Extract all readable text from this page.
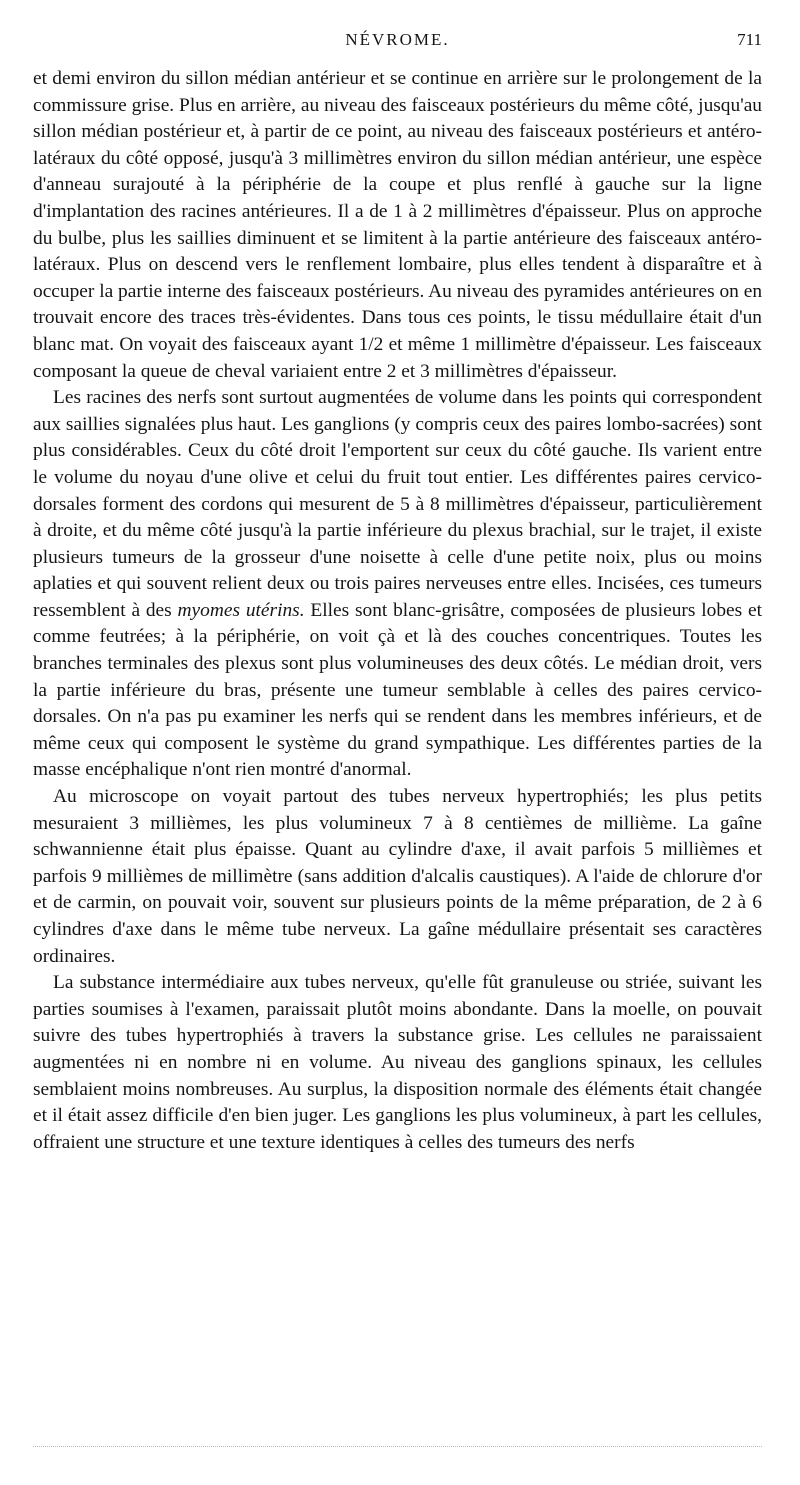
NÉVROME.	711

et demi environ du sillon médian antérieur et se continue en arrière sur le prolongement de la commissure grise. Plus en arrière, au niveau des faisceaux postérieurs du même côté, jusqu'au sillon médian postérieur et, à partir de ce point, au niveau des faisceaux postérieurs et antéro-latéraux du côté opposé, jusqu'à 3 millimètres environ du sillon médian antérieur, une espèce d'anneau surajouté à la périphérie de la coupe et plus renflé à gauche sur la ligne d'implantation des racines antérieures. Il a de 1 à 2 millimètres d'épaisseur. Plus on approche du bulbe, plus les saillies diminuent et se limitent à la partie antérieure des faisceaux antéro-latéraux. Plus on descend vers le renflement lombaire, plus elles tendent à disparaître et à occuper la partie interne des faisceaux postérieurs. Au niveau des pyramides antérieures on en trouvait encore des traces très-évidentes. Dans tous ces points, le tissu médullaire était d'un blanc mat. On voyait des faisceaux ayant 1/2 et même 1 millimètre d'épaisseur. Les faisceaux composant la queue de cheval variaient entre 2 et 3 millimètres d'épaisseur.

Les racines des nerfs sont surtout augmentées de volume dans les points qui correspondent aux saillies signalées plus haut. Les ganglions (y compris ceux des paires lombo-sacrées) sont plus considérables. Ceux du côté droit l'emportent sur ceux du côté gauche. Ils varient entre le volume du noyau d'une olive et celui du fruit tout entier. Les différentes paires cervico-dorsales forment des cordons qui mesurent de 5 à 8 millimètres d'épaisseur, particulièrement à droite, et du même côté jusqu'à la partie inférieure du plexus brachial, sur le trajet, il existe plusieurs tumeurs de la grosseur d'une noisette à celle d'une petite noix, plus ou moins aplaties et qui souvent relient deux ou trois paires nerveuses entre elles. Incisées, ces tumeurs ressemblent à des myomes utérins. Elles sont blanc-grisâtre, composées de plusieurs lobes et comme feutrées; à la périphérie, on voit çà et là des couches concentriques. Toutes les branches terminales des plexus sont plus volumineuses des deux côtés. Le médian droit, vers la partie inférieure du bras, présente une tumeur semblable à celles des paires cervico-dorsales. On n'a pas pu examiner les nerfs qui se rendent dans les membres inférieurs, et de même ceux qui composent le système du grand sympathique. Les différentes parties de la masse encéphalique n'ont rien montré d'anormal.

Au microscope on voyait partout des tubes nerveux hypertrophiés; les plus petits mesuraient 3 millièmes, les plus volumineux 7 à 8 centièmes de millième. La gaîne schwannienne était plus épaisse. Quant au cylindre d'axe, il avait parfois 5 millièmes et parfois 9 millièmes de millimètre (sans addition d'alcalis caustiques). A l'aide de chlorure d'or et de carmin, on pouvait voir, souvent sur plusieurs points de la même préparation, de 2 à 6 cylindres d'axe dans le même tube nerveux. La gaîne médullaire présentait ses caractères ordinaires.

La substance intermédiaire aux tubes nerveux, qu'elle fût granuleuse ou striée, suivant les parties soumises à l'examen, paraissait plutôt moins abondante. Dans la moelle, on pouvait suivre des tubes hypertrophiés à travers la substance grise. Les cellules ne paraissaient augmentées ni en nombre ni en volume. Au niveau des ganglions spinaux, les cellules semblaient moins nombreuses. Au surplus, la disposition normale des éléments était changée et il était assez difficile d'en bien juger. Les ganglions les plus volumineux, à part les cellules, offraient une structure et une texture identiques à celles des tumeurs des nerfs
